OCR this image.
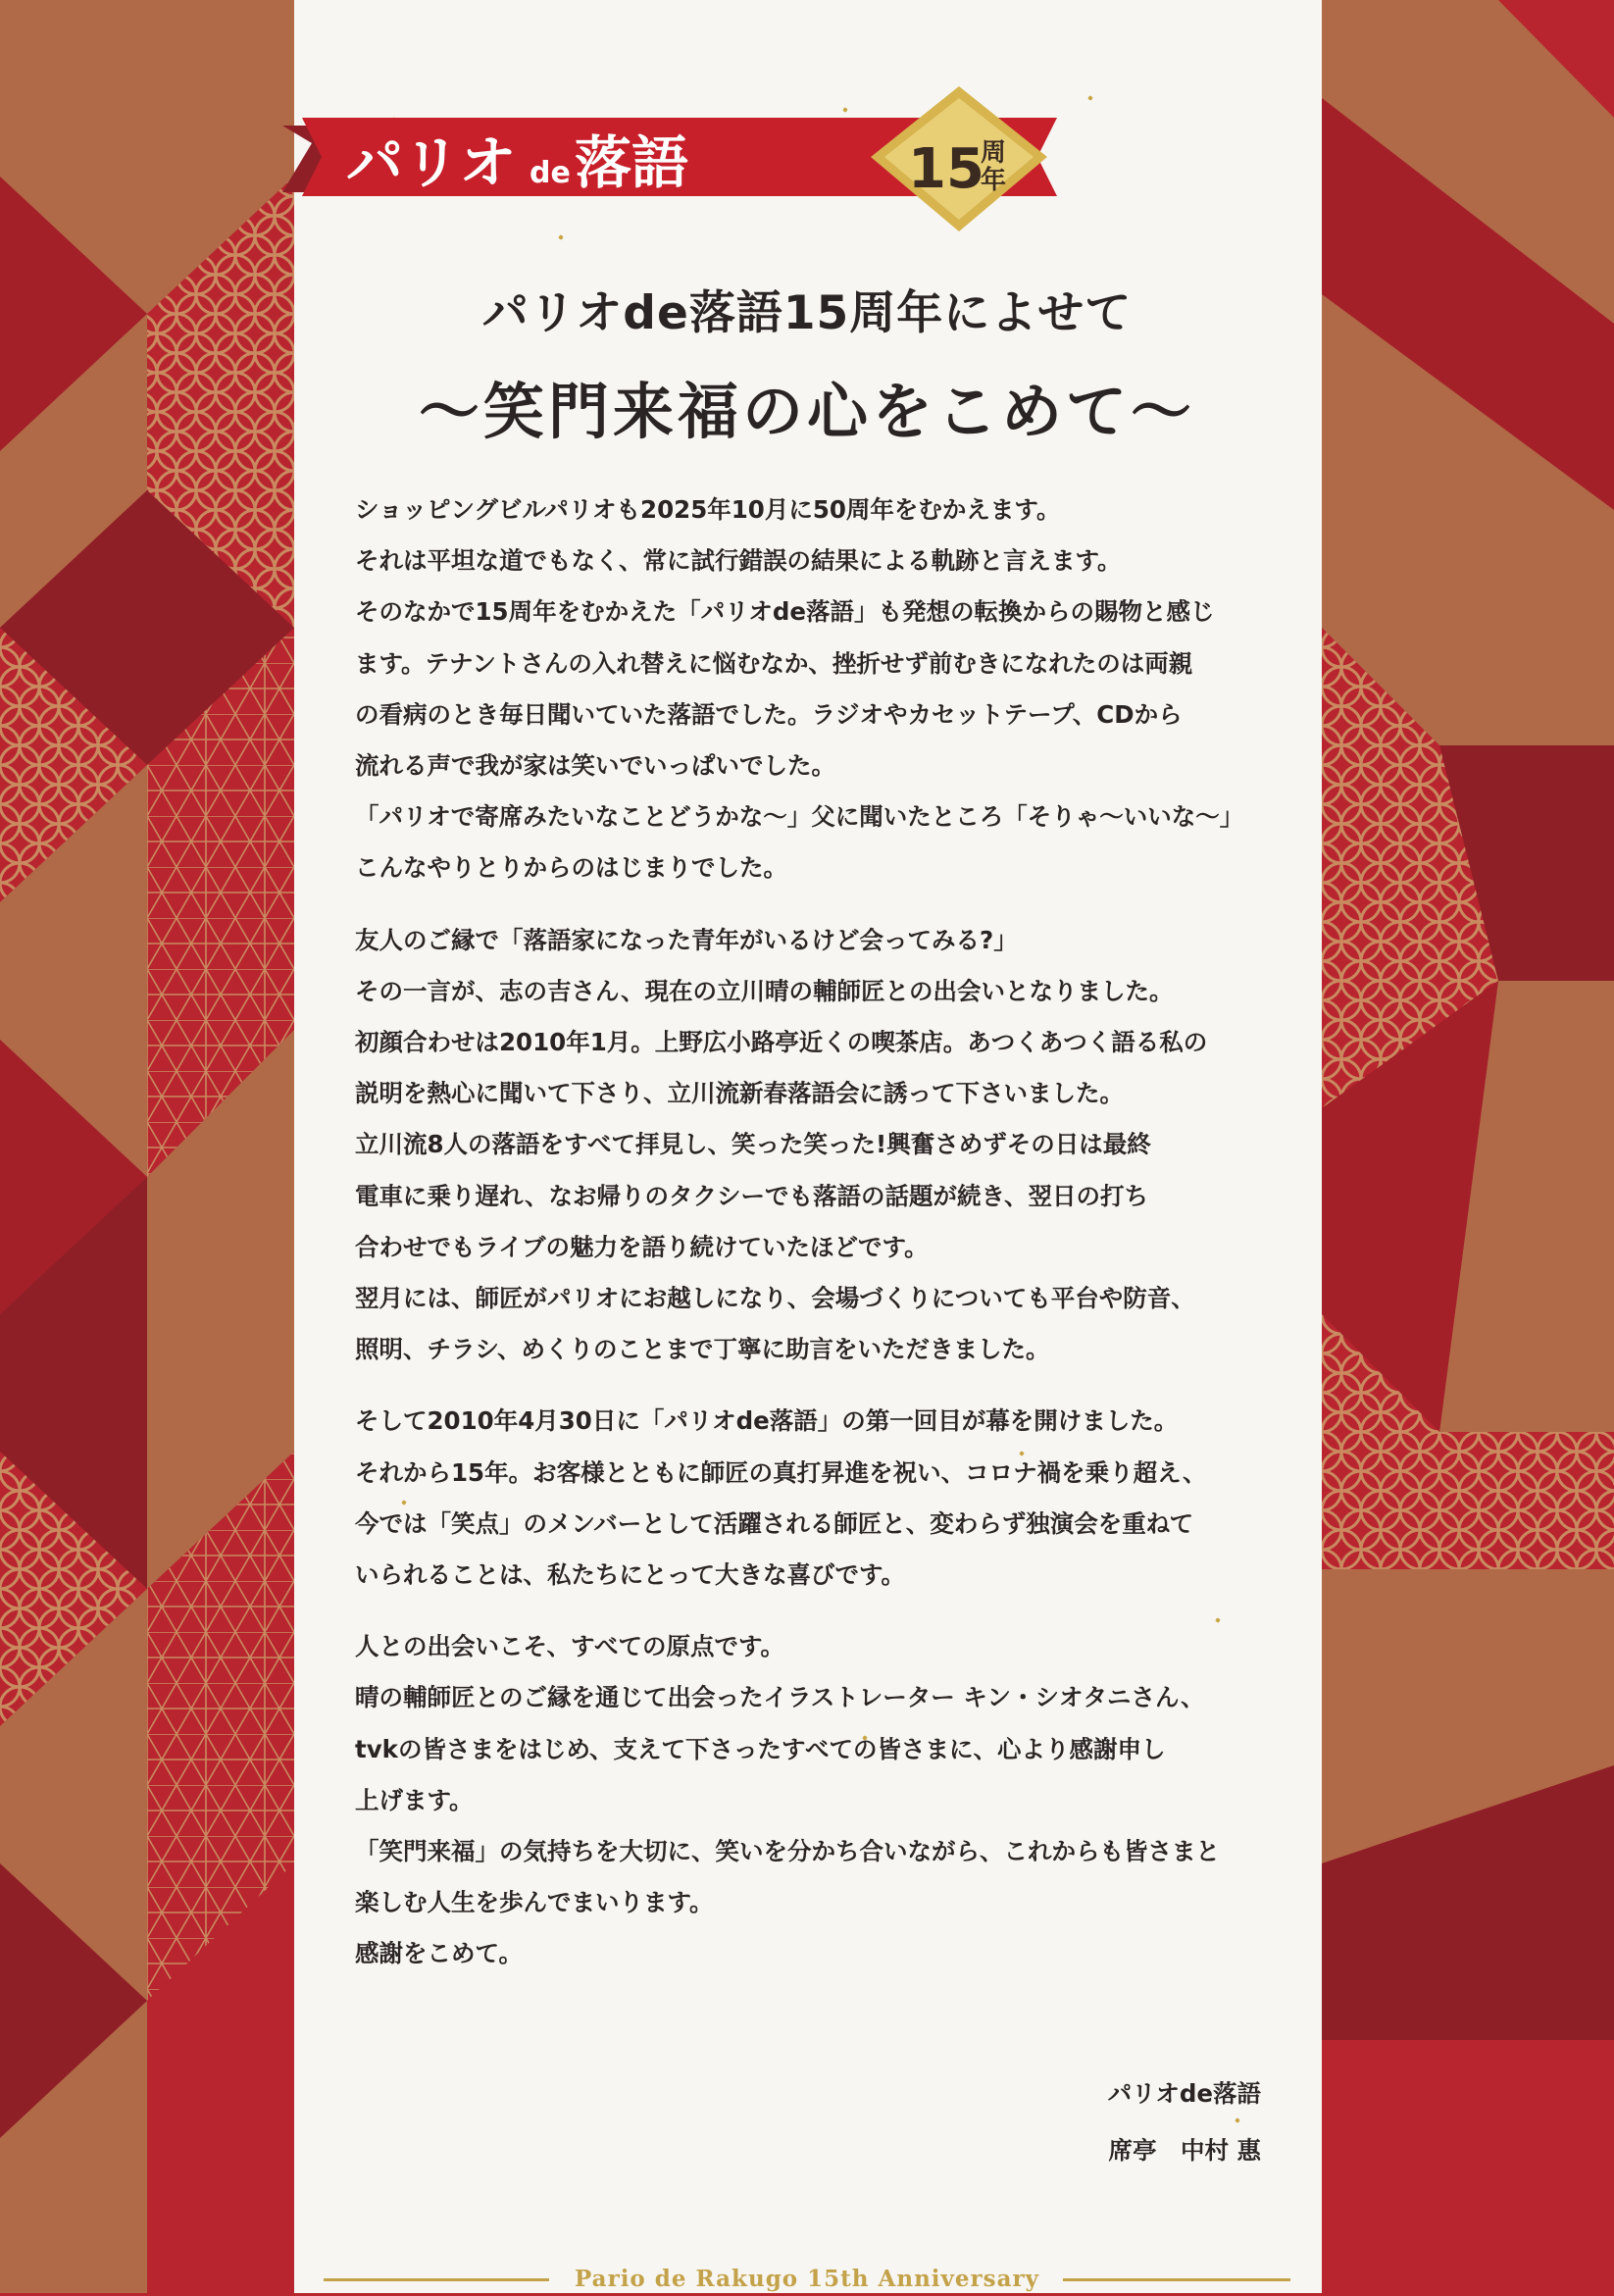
パリオ de 落語	15
周
年
パリオde落語15周年によせて
〜笑門来福の心をこめて〜

ショッピングビルパリオも2025年10月に50周年をむかえます。
それは平坦な道でもなく、常に試行錯誤の結果による軌跡と言えます。
そのなかで15周年をむかえた「パリオde落語」も発想の転換からの賜物と感じ
ます。テナントさんの入れ替えに悩むなか、挫折せず前むきになれたのは両親
の看病のとき毎日聞いていた落語でした。ラジオやカセットテープ、CDから
流れる声で我が家は笑いでいっぱいでした。
「パリオで寄席みたいなことどうかな〜」父に聞いたところ「そりゃ〜いいな〜」
こんなやりとりからのはじまりでした。

友人のご縁で「落語家になった青年がいるけど会ってみる?」
その一言が、志の吉さん、現在の立川晴の輔師匠との出会いとなりました。
初顔合わせは2010年1月。上野広小路亭近くの喫茶店。あつくあつく語る私の
説明を熱心に聞いて下さり、立川流新春落語会に誘って下さいました。
立川流8人の落語をすべて拝見し、笑った笑った!興奮さめずその日は最終
電車に乗り遅れ、なお帰りのタクシーでも落語の話題が続き、翌日の打ち
合わせでもライブの魅力を語り続けていたほどです。
翌月には、師匠がパリオにお越しになり、会場づくりについても平台や防音、
照明、チラシ、めくりのことまで丁寧に助言をいただきました。

そして2010年4月30日に「パリオde落語」の第一回目が幕を開けました。
それから15年。お客様とともに師匠の真打昇進を祝い、コロナ禍を乗り超え、
今では「笑点」のメンバーとして活躍される師匠と、変わらず独演会を重ねて
いられることは、私たちにとって大きな喜びです。

人との出会いこそ、すべての原点です。
晴の輔師匠とのご縁を通じて出会ったイラストレーター キン・シオタニさん、
tvkの皆さまをはじめ、支えて下さったすべての皆さまに、心より感謝申し
上げます。
「笑門来福」の気持ちを大切に、笑いを分かち合いながら、これからも皆さまと
楽しむ人生を歩んでまいります。
感謝をこめて。

パリオde落語
席亭　中村 惠
Pario de Rakugo 15th Anniversary
